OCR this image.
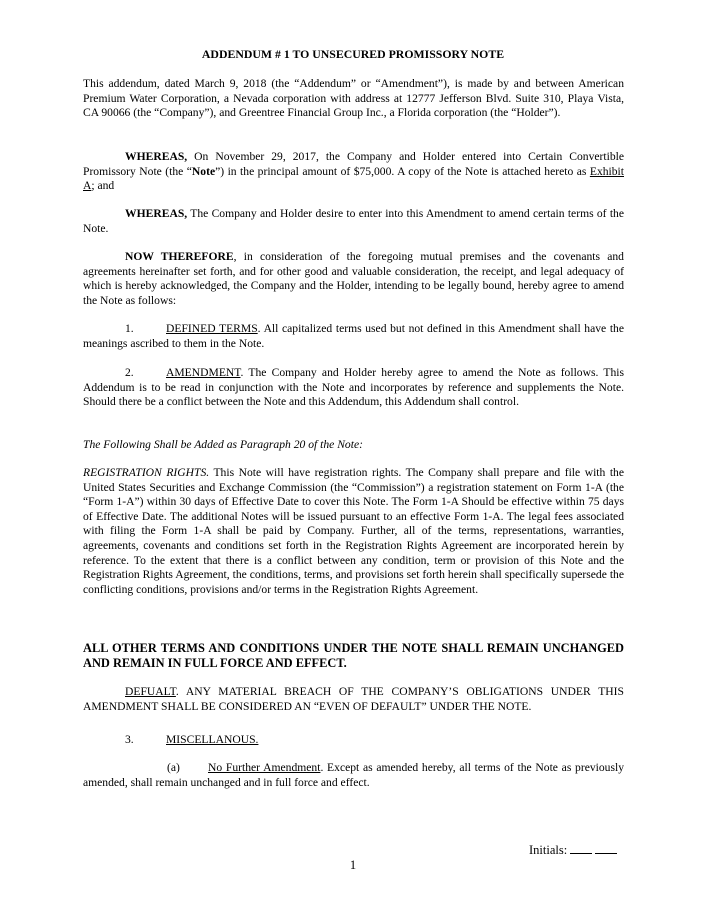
ADDENDUM # 1 TO UNSECURED PROMISSORY NOTE
This addendum, dated March 9, 2018 (the “Addendum” or “Amendment”), is made by and between American Premium Water Corporation, a Nevada corporation with address at 12777 Jefferson Blvd. Suite 310, Playa Vista, CA 90066 (the “Company”), and Greentree Financial Group Inc., a Florida corporation (the “Holder”).
WHEREAS, On November 29, 2017, the Company and Holder entered into Certain Convertible Promissory Note (the “Note”) in the principal amount of $75,000. A copy of the Note is attached hereto as Exhibit A; and
WHEREAS, The Company and Holder desire to enter into this Amendment to amend certain terms of the Note.
NOW THEREFORE, in consideration of the foregoing mutual premises and the covenants and agreements hereinafter set forth, and for other good and valuable consideration, the receipt, and legal adequacy of which is hereby acknowledged, the Company and the Holder, intending to be legally bound, hereby agree to amend the Note as follows:
1.	DEFINED TERMS. All capitalized terms used but not defined in this Amendment shall have the meanings ascribed to them in the Note.
2.	AMENDMENT. The Company and Holder hereby agree to amend the Note as follows. This Addendum is to be read in conjunction with the Note and incorporates by reference and supplements the Note. Should there be a conflict between the Note and this Addendum, this Addendum shall control.
The Following Shall be Added as Paragraph 20 of the Note:
REGISTRATION RIGHTS. This Note will have registration rights. The Company shall prepare and file with the United States Securities and Exchange Commission (the “Commission”) a registration statement on Form 1-A (the “Form 1-A”) within 30 days of Effective Date to cover this Note. The Form 1-A Should be effective within 75 days of Effective Date. The additional Notes will be issued pursuant to an effective Form 1-A. The legal fees associated with filing the Form 1-A shall be paid by Company. Further, all of the terms, representations, warranties, agreements, covenants and conditions set forth in the Registration Rights Agreement are incorporated herein by reference. To the extent that there is a conflict between any condition, term or provision of this Note and the Registration Rights Agreement, the conditions, terms, and provisions set forth herein shall specifically supersede the conflicting conditions, provisions and/or terms in the Registration Rights Agreement.
ALL OTHER TERMS AND CONDITIONS UNDER THE NOTE SHALL REMAIN UNCHANGED AND REMAIN IN FULL FORCE AND EFFECT.
DEFUALT. ANY MATERIAL BREACH OF THE COMPANY’S OBLIGATIONS UNDER THIS AMENDMENT SHALL BE CONSIDERED AN “EVEN OF DEFAULT” UNDER THE NOTE.
3.	MISCELLANOUS.
(a) No Further Amendment. Except as amended hereby, all terms of the Note as previously amended, shall remain unchanged and in full force and effect.
Initials:
1
